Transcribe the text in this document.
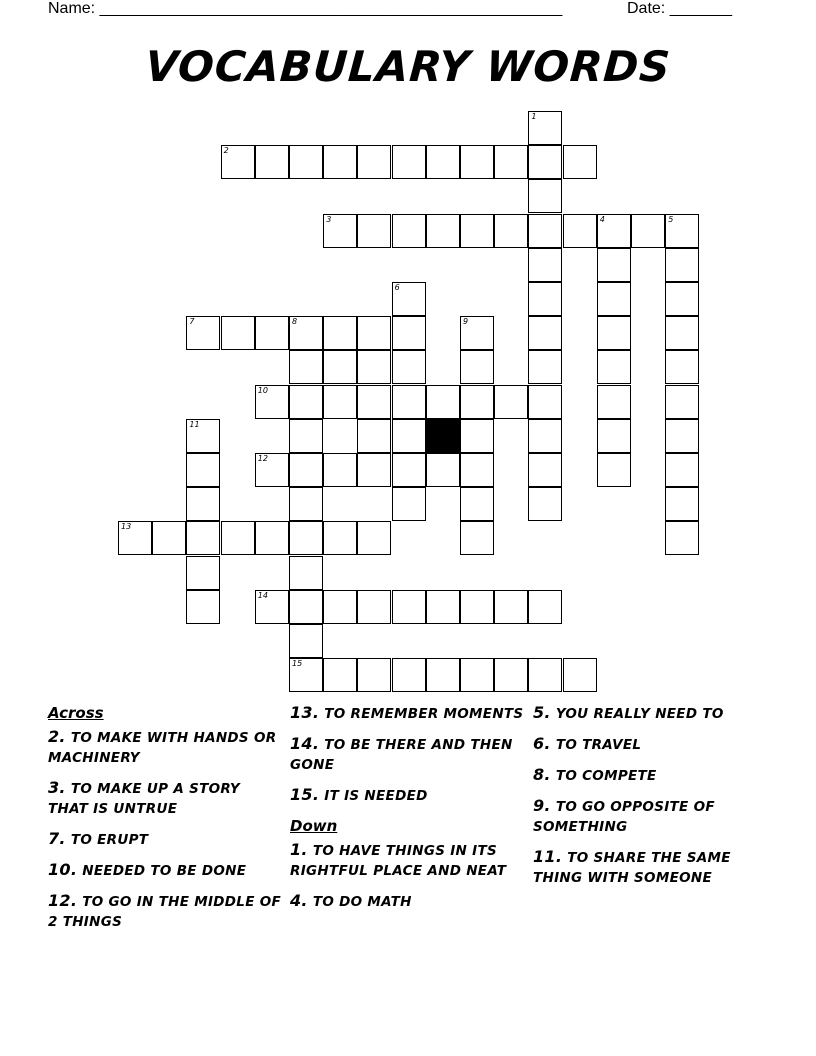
Name: ____________________________________________________	Date: _______
VOCABULARY WORDS
2
3	4	5
7	8
10
12
13
14
15
1
6
9
11
Across
2. TO MAKE WITH HANDS OR MACHINERY
3. TO MAKE UP A STORY THAT IS UNTRUE
7. TO ERUPT
10. NEEDED TO BE DONE
12. TO GO IN THE MIDDLE OF 2 THINGS
13. TO REMEMBER MOMENTS
14. TO BE THERE AND THEN GONE
15. IT IS NEEDED
Down
1. TO HAVE THINGS IN ITS RIGHTFUL PLACE AND NEAT
4. TO DO MATH
5. YOU REALLY NEED TO
6. TO TRAVEL
8. TO COMPETE
9. TO GO OPPOSITE OF SOMETHING
11. TO SHARE THE SAME THING WITH SOMEONE
